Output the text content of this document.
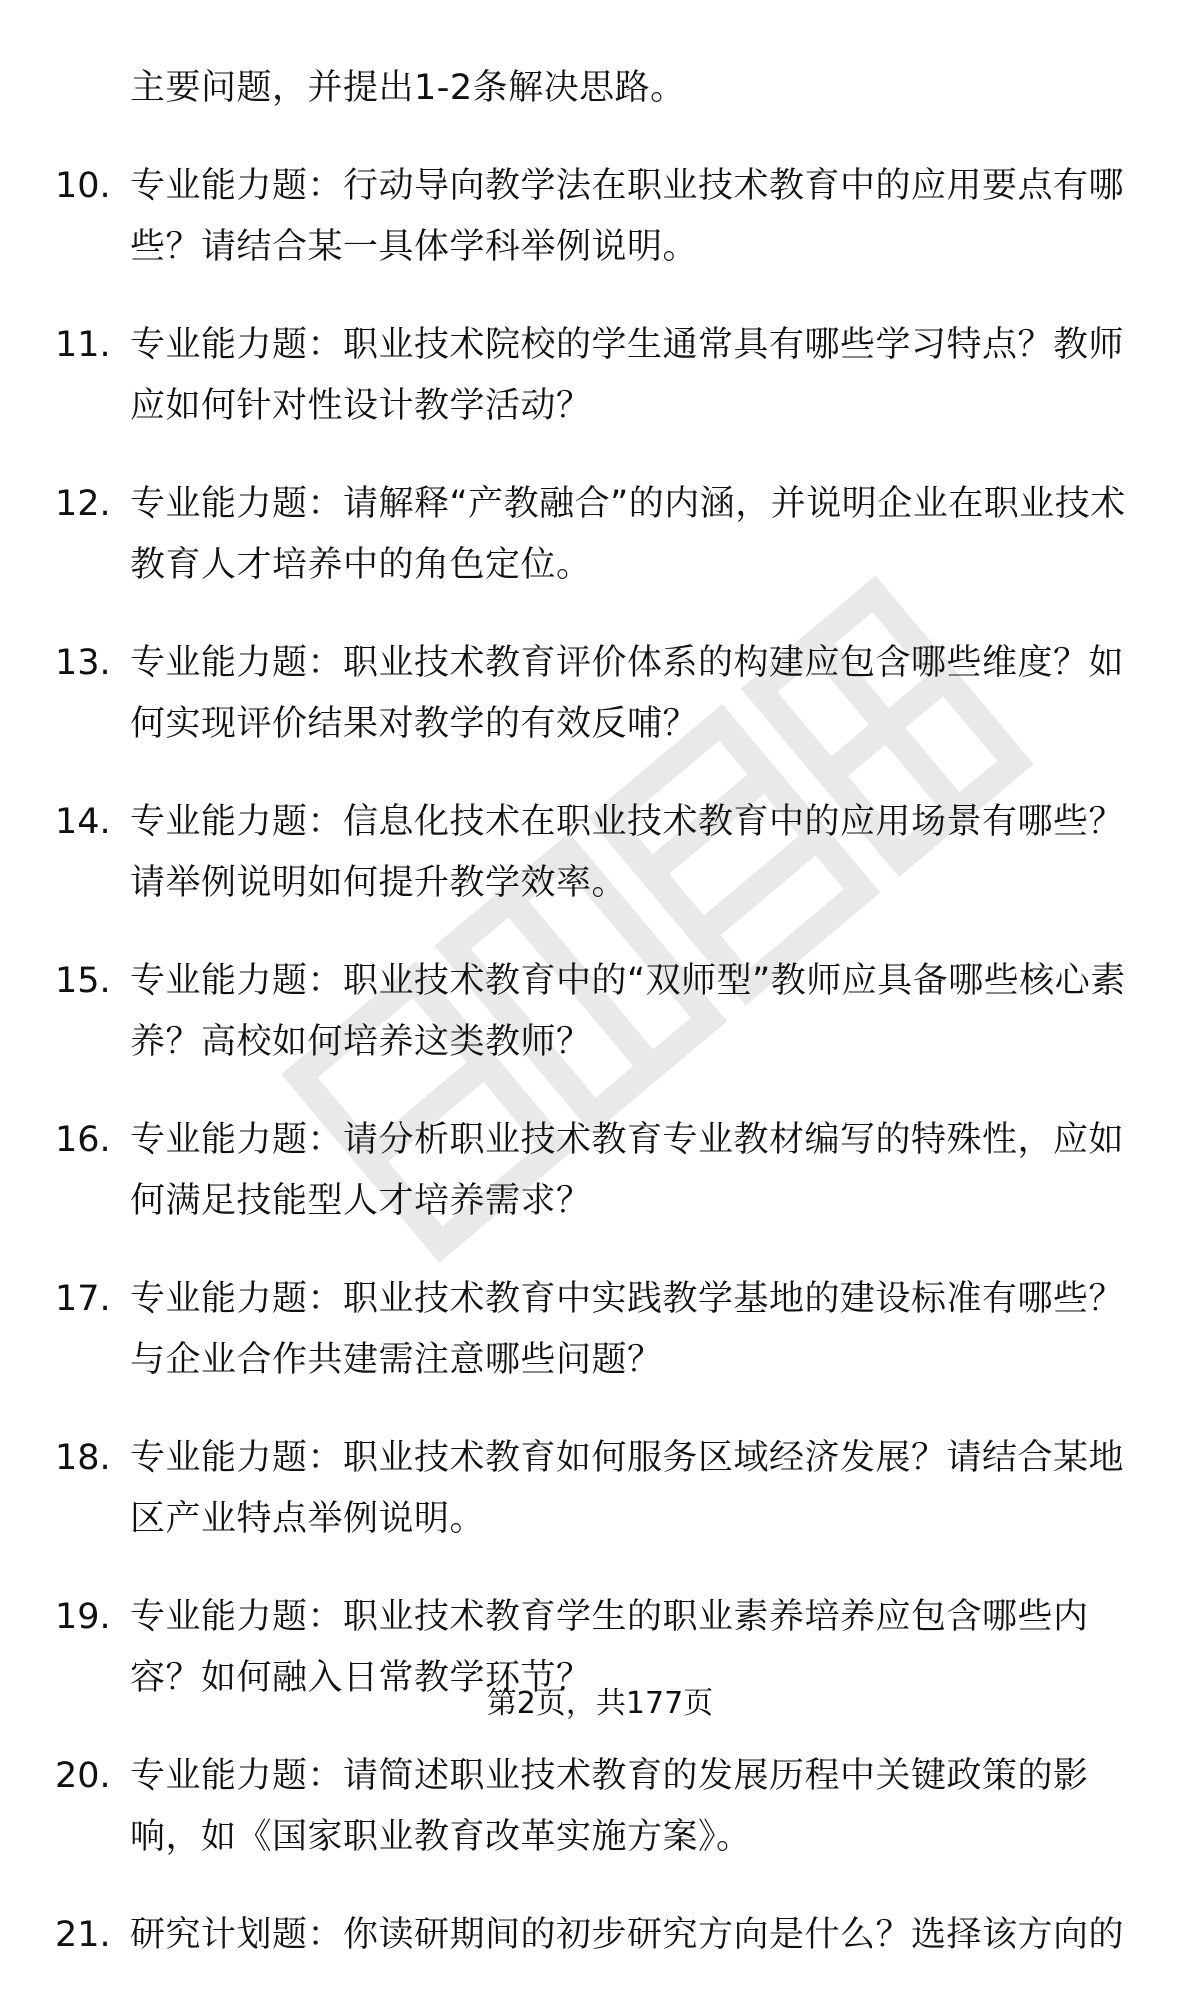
主要问题，并提出1-2条解决思路。
10. 专业能力题：行动导向教学法在职业技术教育中的应用要点有哪些？请结合某一具体学科举例说明。
11. 专业能力题：职业技术院校的学生通常具有哪些学习特点？教师应如何针对性设计教学活动？
12. 专业能力题：请解释“产教融合”的内涵，并说明企业在职业技术教育人才培养中的角色定位。
13. 专业能力题：职业技术教育评价体系的构建应包含哪些维度？如何实现评价结果对教学的有效反哺？
14. 专业能力题：信息化技术在职业技术教育中的应用场景有哪些？请举例说明如何提升教学效率。
15. 专业能力题：职业技术教育中的“双师型”教师应具备哪些核心素养？高校如何培养这类教师？
16. 专业能力题：请分析职业技术教育专业教材编写的特殊性，应如何满足技能型人才培养需求？
17. 专业能力题：职业技术教育中实践教学基地的建设标准有哪些？与企业合作共建需注意哪些问题？
18. 专业能力题：职业技术教育如何服务区域经济发展？请结合某地区产业特点举例说明。
19. 专业能力题：职业技术教育学生的职业素养培养应包含哪些内容？如何融入日常教学环节？
20. 专业能力题：请简述职业技术教育的发展历程中关键政策的影响，如《国家职业教育改革实施方案》。
21. 研究计划题：你读研期间的初步研究方向是什么？选择该方向的
第2页，共177页
